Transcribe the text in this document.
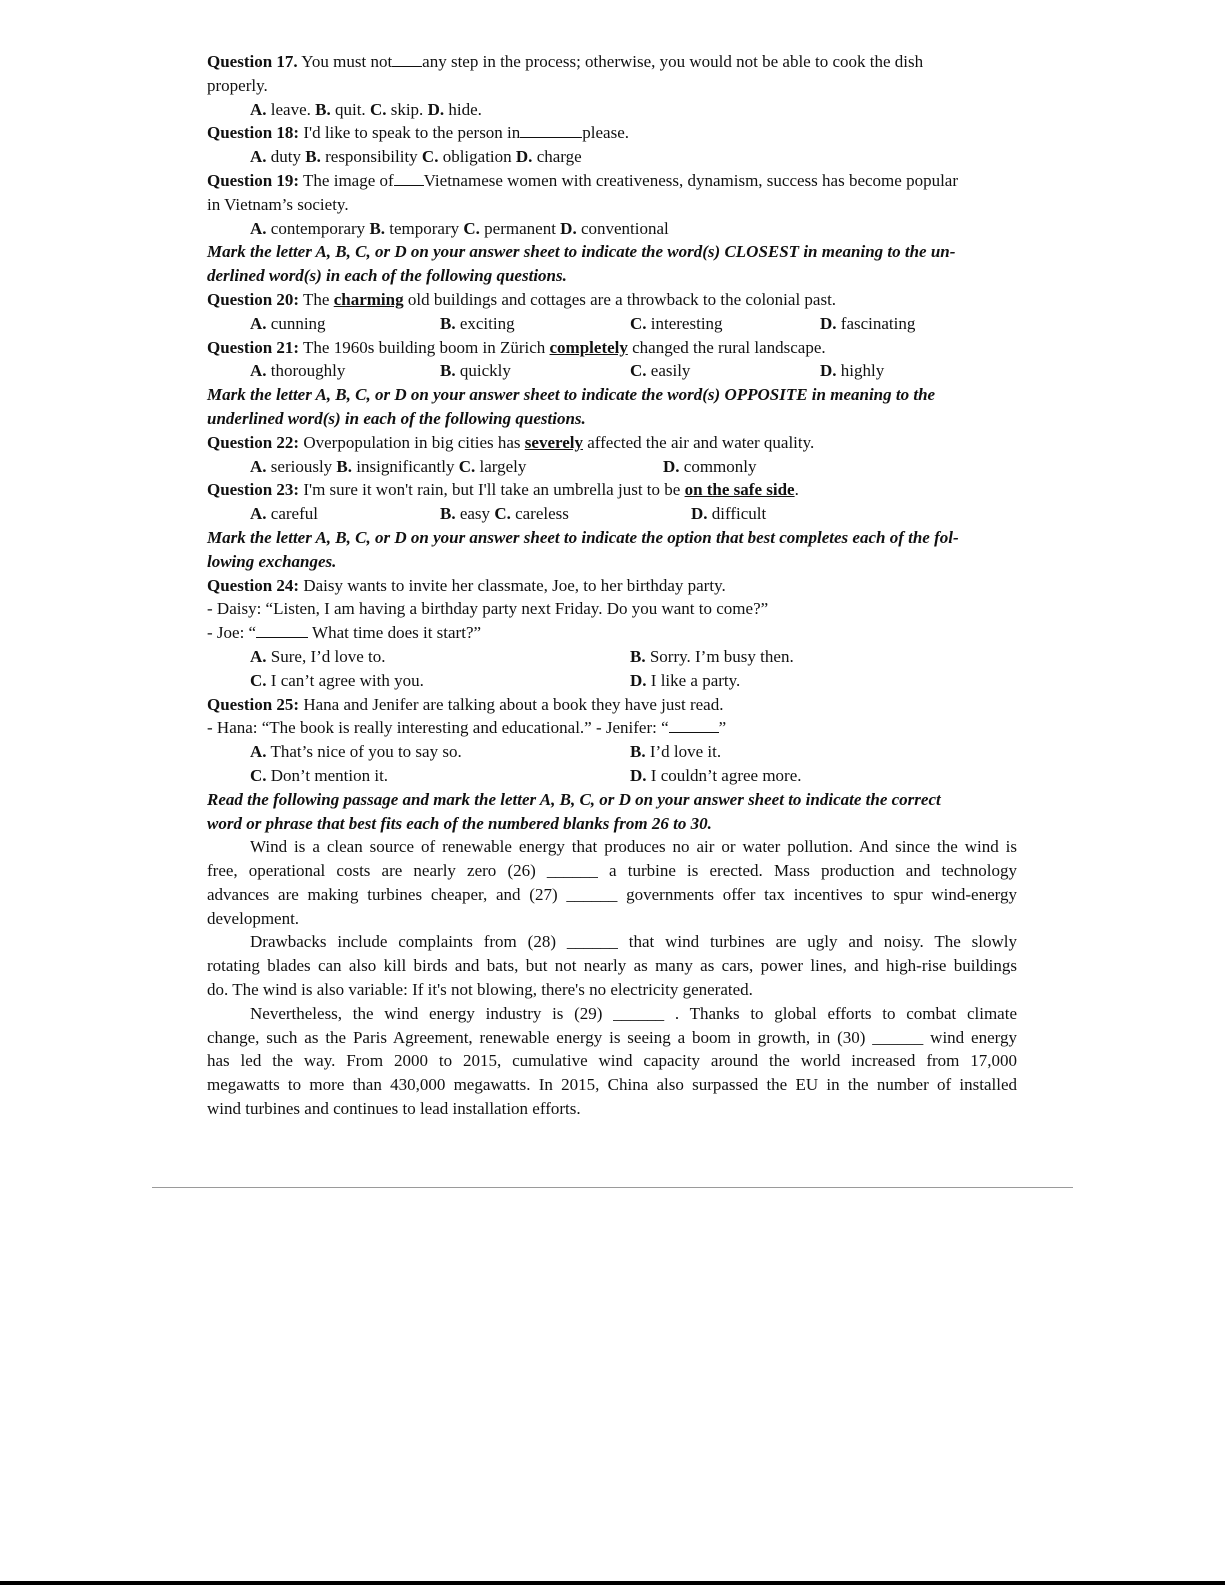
Question 17. You must not any step in the process; otherwise, you would not be able to cook the dish
properly.
A. leave. B. quit. C. skip. D. hide.
Question 18: I'd like to speak to the person in	please.
A. duty B. responsibility C. obligation D. charge
Question 19: The image of Vietnamese women with creativeness, dynamism, success has become popular
in Vietnam’s society.
A. contemporary B. temporary C. permanent D. conventional
Mark the letter A, B, C, or D on your answer sheet to indicate the word(s) CLOSEST in meaning to the un-
derlined word(s) in each of the following questions.
Question 20: The charming old buildings and cottages are a throwback to the colonial past.
A. cunning	B. exciting	C. interesting	D. fascinating
Question 21: The 1960s building boom in Zürich completely changed the rural landscape.
A. thoroughly	B. quickly	C. easily	D. highly
Mark the letter A, B, C, or D on your answer sheet to indicate the word(s) OPPOSITE in meaning to the
underlined word(s) in each of the following questions.
Question 22: Overpopulation in big cities has severely affected the air and water quality.
A. seriously B. insignificantly C. largely	D. commonly
Question 23: I'm sure it won't rain, but I'll take an umbrella just to be on the safe side.
A. careful	B. easy C. careless	D. difficult
Mark the letter A, B, C, or D on your answer sheet to indicate the option that best completes each of the fol-
lowing exchanges.
Question 24: Daisy wants to invite her classmate, Joe, to her birthday party.
- Daisy: “Listen, I am having a birthday party next Friday. Do you want to come?”
- Joe: “	What time does it start?”
A. Sure, I’d love to.	B. Sorry. I’m busy then.
C. I can’t agree with you.	D. I like a party.
Question 25: Hana and Jenifer are talking about a book they have just read.
- Hana: “The book is really interesting and educational.” - Jenifer: “	”
A. That’s nice of you to say so.	B. I’d love it.
C. Don’t mention it.	D. I couldn’t agree more.
Read the following passage and mark the letter A, B, C, or D on your answer sheet to indicate the correct
word or phrase that best fits each of the numbered blanks from 26 to 30.
Wind is a clean source of renewable energy that produces no air or water pollution. And since the wind is
free, operational costs are nearly zero (26) ______ a turbine is erected. Mass production and technology
advances are making turbines cheaper, and (27) ______ governments offer tax incentives to spur wind-energy
development.
Drawbacks include complaints from (28) ______ that wind turbines are ugly and noisy. The slowly
rotating blades can also kill birds and bats, but not nearly as many as cars, power lines, and high-rise buildings
do. The wind is also variable: If it's not blowing, there's no electricity generated.
Nevertheless, the wind energy industry is (29) ______ . Thanks to global efforts to combat climate
change, such as the Paris Agreement, renewable energy is seeing a boom in growth, in (30) ______ wind energy
has led the way. From 2000 to 2015, cumulative wind capacity around the world increased from 17,000
megawatts to more than 430,000 megawatts. In 2015, China also surpassed the EU in the number of installed
wind turbines and continues to lead installation efforts.
